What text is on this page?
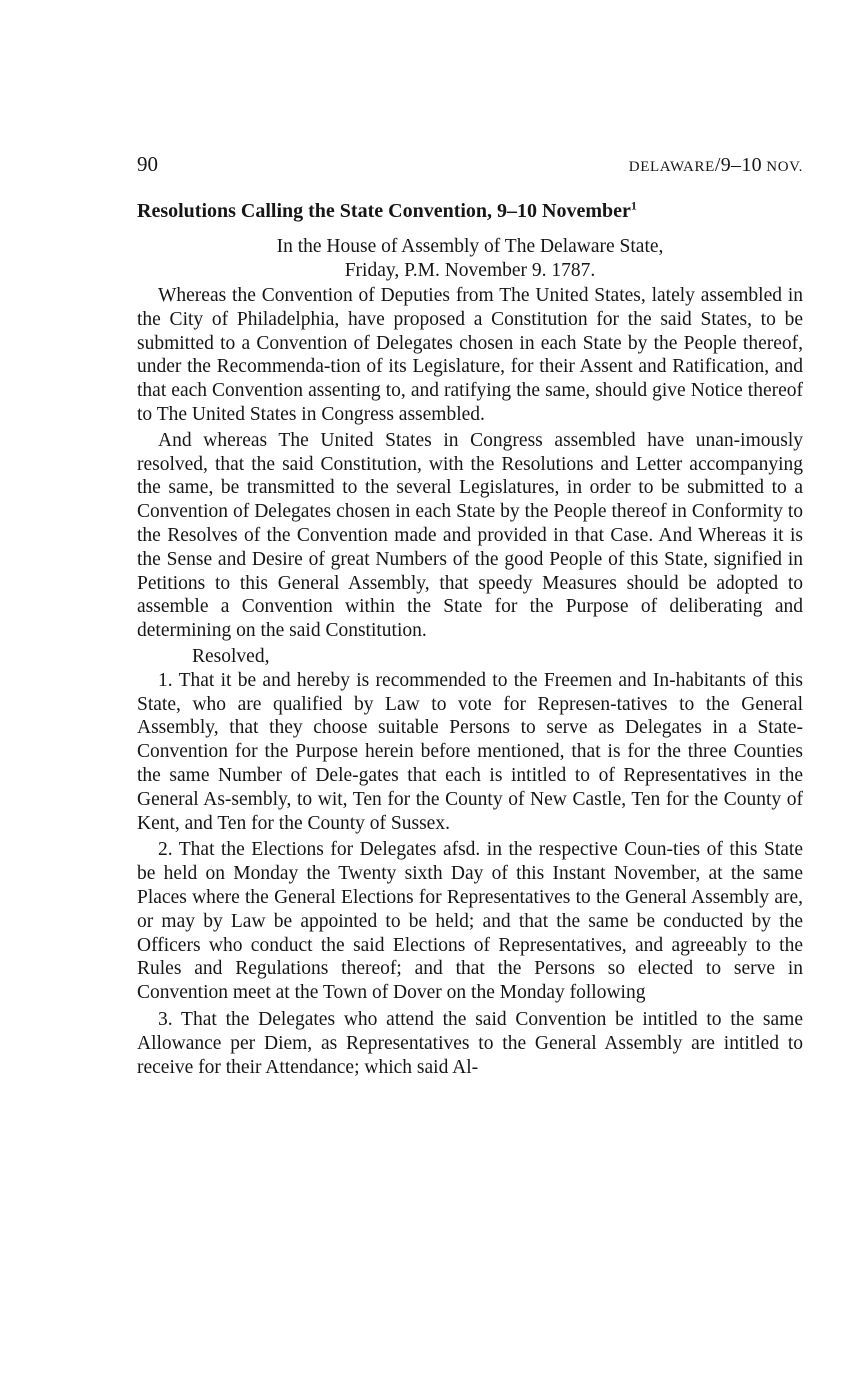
90	DELAWARE/9–10 NOV.
Resolutions Calling the State Convention, 9–10 November$^1$
In the House of Assembly of The Delaware State,
Friday, P.M. November 9. 1787.

Whereas the Convention of Deputies from The United States, lately assembled in the City of Philadelphia, have proposed a Constitution for the said States, to be submitted to a Convention of Delegates chosen in each State by the People thereof, under the Recommenda-tion of its Legislature, for their Assent and Ratification, and that each Convention assenting to, and ratifying the same, should give Notice thereof to The United States in Congress assembled.

And whereas The United States in Congress assembled have unan-imously resolved, that the said Constitution, with the Resolutions and Letter accompanying the same, be transmitted to the several Legislatures, in order to be submitted to a Convention of Delegates chosen in each State by the People thereof in Conformity to the Resolves of the Convention made and provided in that Case. And Whereas it is the Sense and Desire of great Numbers of the good People of this State, signified in Petitions to this General Assembly, that speedy Measures should be adopted to assemble a Convention within the State for the Purpose of deliberating and determining on the said Constitution.

Resolved,

1. That it be and hereby is recommended to the Freemen and In-habitants of this State, who are qualified by Law to vote for Represen-tatives to the General Assembly, that they choose suitable Persons to serve as Delegates in a State-Convention for the Purpose herein before mentioned, that is for the three Counties the same Number of Dele-gates that each is intitled to of Representatives in the General As-sembly, to wit, Ten for the County of New Castle, Ten for the County of Kent, and Ten for the County of Sussex.

2. That the Elections for Delegates afsd. in the respective Coun-ties of this State be held on Monday the Twenty sixth Day of this Instant November, at the same Places where the General Elections for Representatives to the General Assembly are, or may by Law be appointed to be held; and that the same be conducted by the Officers who conduct the said Elections of Representatives, and agreeably to the Rules and Regulations thereof; and that the Persons so elected to serve in Convention meet at the Town of Dover on the Monday following

3. That the Delegates who attend the said Convention be intitled to the same Allowance per Diem, as Representatives to the General Assembly are intitled to receive for their Attendance; which said Al-
